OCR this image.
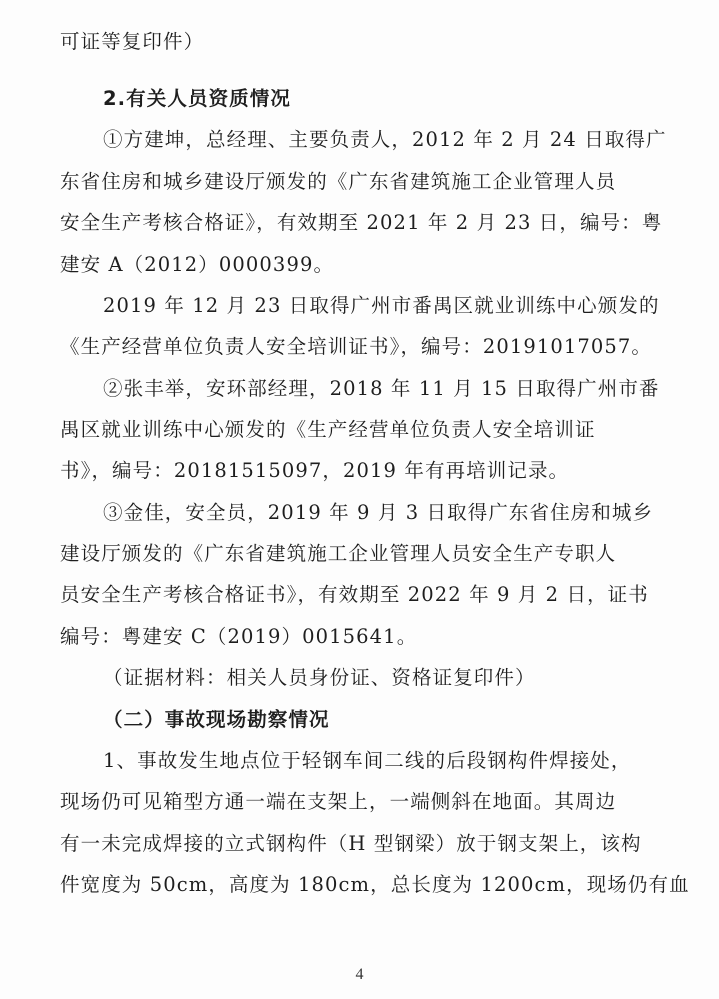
可证等复印件）
2.有关人员资质情况
①方建坤，总经理、主要负责人，2012 年 2 月 24 日取得广
东省住房和城乡建设厅颁发的《广东省建筑施工企业管理人员
安全生产考核合格证》，有效期至 2021 年 2 月 23 日，编号：粤
建安 A（2012）0000399。
2019 年 12 月 23 日取得广州市番禺区就业训练中心颁发的
《生产经营单位负责人安全培训证书》，编号：20191017057。
②张丰举，安环部经理，2018 年 11 月 15 日取得广州市番
禺区就业训练中心颁发的《生产经营单位负责人安全培训证
书》，编号：20181515097，2019 年有再培训记录。
③金佳，安全员，2019 年 9 月 3 日取得广东省住房和城乡
建设厅颁发的《广东省建筑施工企业管理人员安全生产专职人
员安全生产考核合格证书》，有效期至 2022 年 9 月 2 日，证书
编号：粤建安 C（2019）0015641。
（证据材料：相关人员身份证、资格证复印件）
（二）事故现场勘察情况
1、事故发生地点位于轻钢车间二线的后段钢构件焊接处，
现场仍可见箱型方通一端在支架上，一端侧斜在地面。其周边
有一未完成焊接的立式钢构件（H 型钢梁）放于钢支架上，该构
件宽度为 50cm，高度为 180cm，总长度为 1200cm，现场仍有血
4
